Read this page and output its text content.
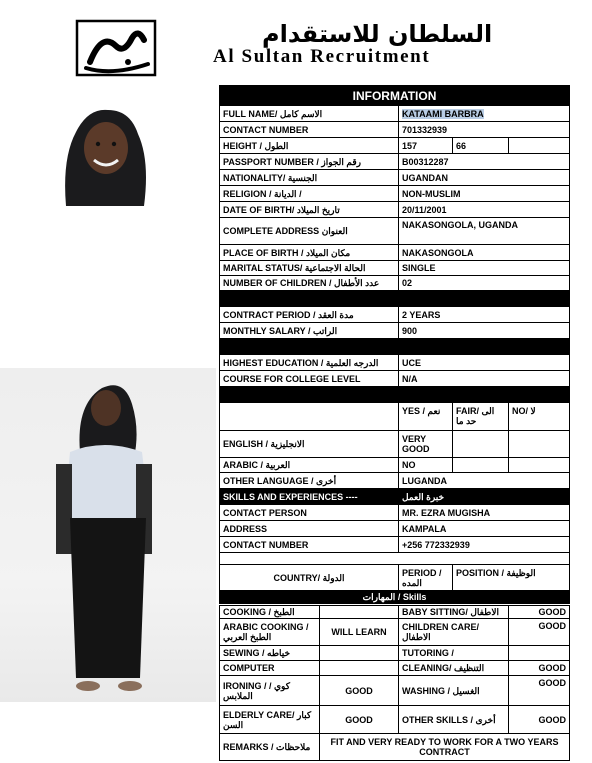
السلطان للاستقدام
Al Sultan Recruitment
INFORMATION			
FULL NAME/ الاسم كامل	KATAAMI BARBRA		
CONTACT NUMBER	701332939		
HEIGHT / الطول	157	66	
PASSPORT NUMBER / رقم الجواز	B00312287		
NATIONALITY/ الجنسية	UGANDAN		
RELIGION / الديانة /	NON-MUSLIM		
DATE OF BIRTH/ تاريخ الميلاد	20/11/2001		
COMPLETE ADDRESS العنوان	NAKASONGOLA, UGANDA		
PLACE OF BIRTH / مكان الميلاد	NAKASONGOLA		
MARITAL STATUS/ الحالة الاجتماعية	SINGLE		
NUMBER OF CHILDREN / عدد الأطفال	02		

CONTRACT PERIOD / مدة العقد	2 YEARS		
MONTHLY SALARY / الراتب	900		

HIGHEST EDUCATION / الدرجه العلمية	UCE		
COURSE FOR COLLEGE LEVEL	N/A		

	YES / نعم	FAIR/ الى حد ما	NO/ لا
ENGLISH / الانجليزية	VERY GOOD		
ARABIC / العربية	NO		
OTHER LANGUAGE / أخرى	LUGANDA		
SKILLS AND EXPERIENCES ----	خبرة العمل		
CONTACT PERSON	MR. EZRA MUGISHA		
ADDRESS	KAMPALA		
CONTACT NUMBER	+256 772332939		

COUNTRY/ الدولة	PERIOD / المده	POSITION / الوظيفة	
المهارات / Skills			
COOKING / الطبخ		BABY SITTING/ الاطفال	GOOD
ARABIC COOKING / الطبخ العربي	WILL LEARN	CHILDREN CARE/ الاطفال	GOOD
SEWING / خياطه		TUTORING /	
COMPUTER		CLEANING/ التنظيف	GOOD
IRONING / كوي / الملابس	GOOD	WASHING / الغسيل	GOOD
ELDERLY CARE/ كبار السن	GOOD	OTHER SKILLS / أخرى	GOOD
REMARKS / ملاحظات	FIT AND VERY READY TO WORK FOR A TWO YEARS CONTRACT		
